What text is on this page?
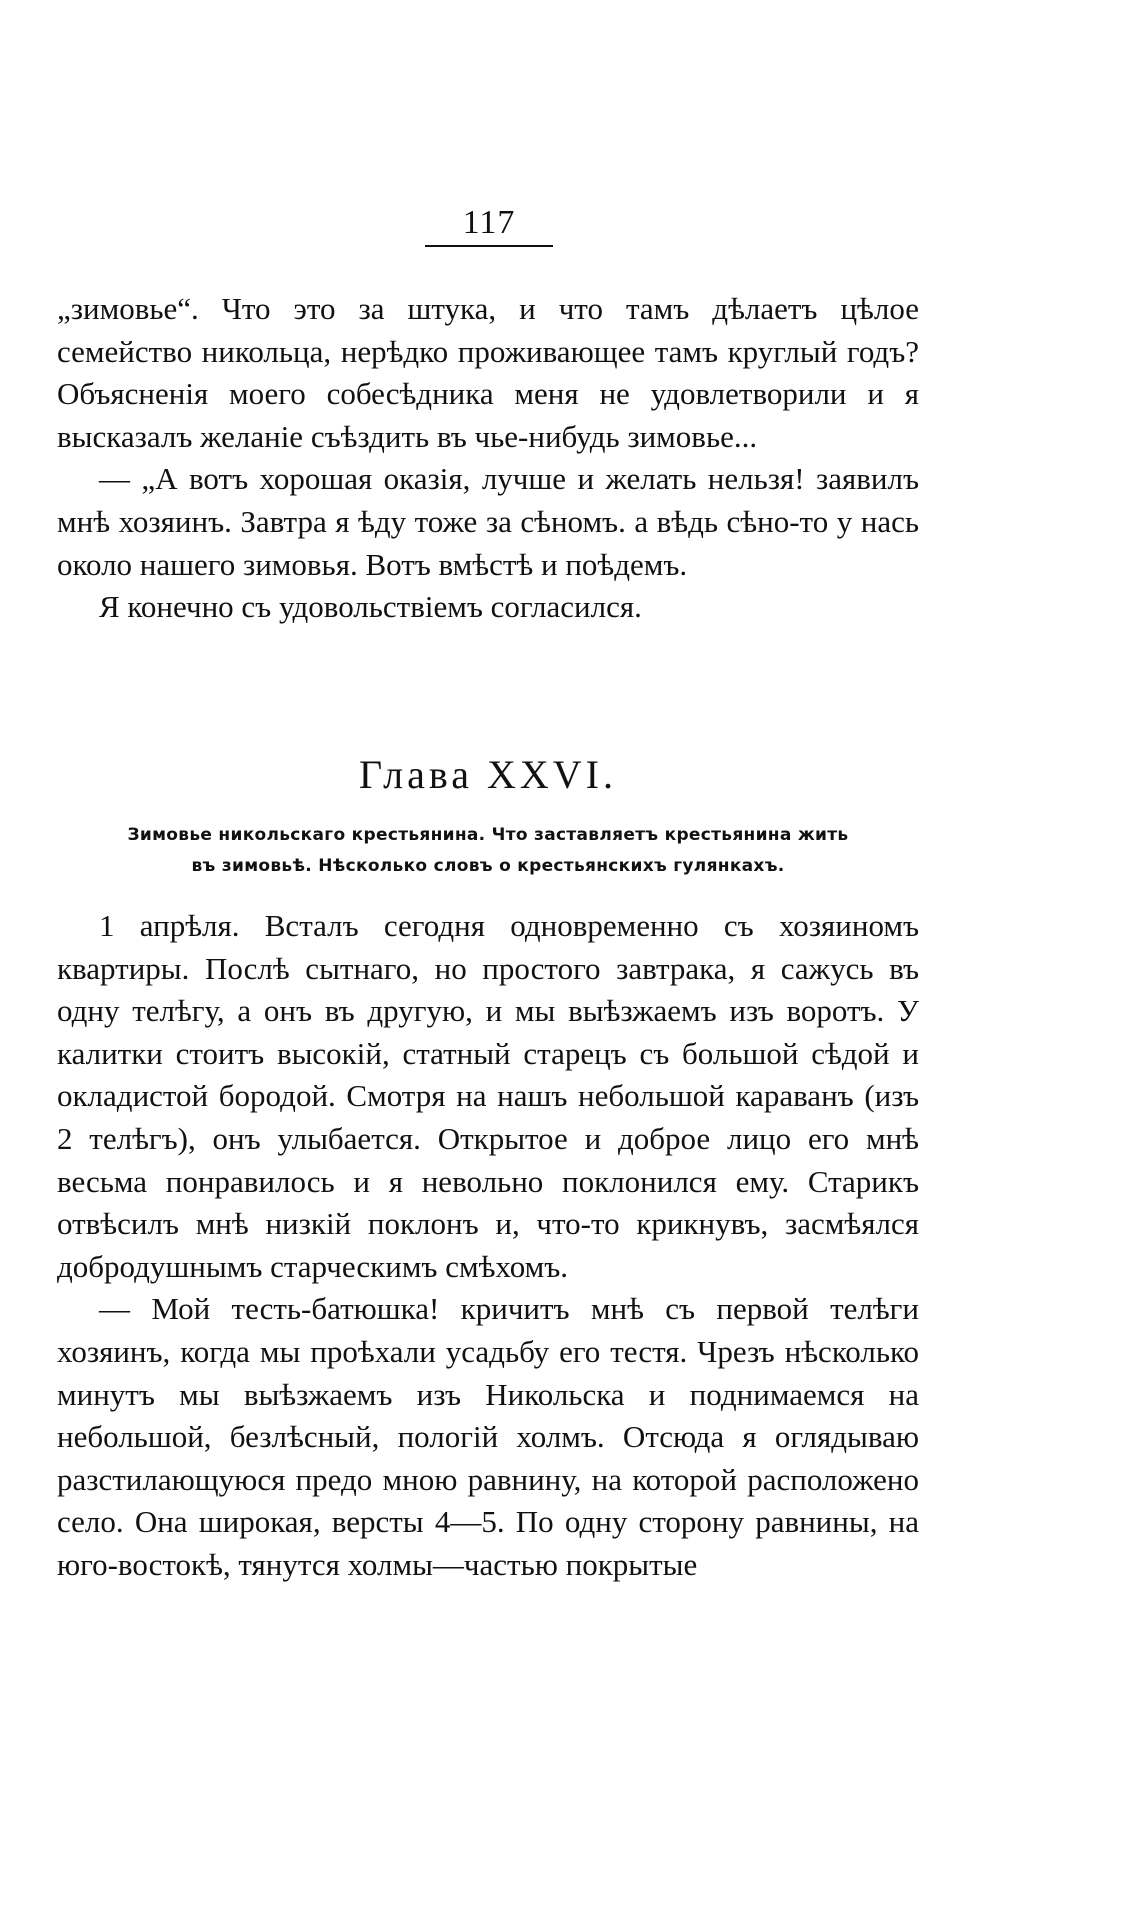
117

„зимовье“. Что это за штука, и что тамъ дѣлаетъ цѣлое семейство никольца, нерѣдко проживающее тамъ круглый годъ? Объясненія моего собесѣдника меня не удовлетворили и я высказалъ желаніе съѣздить въ чье-нибудь зимовье...

— „А вотъ хорошая оказія, лучше и желать нельзя! заявилъ мнѣ хозяинъ. Завтра я ѣду тоже за сѣномъ. а вѣдь сѣно-то у нась около нашего зимовья. Вотъ вмѣстѣ и поѣдемъ.

Я конечно съ удовольствіемъ согласился.

Глава XXVI.
Зимовье никольскаго крестьянина. Что заставляетъ крестьянина жить
въ зимовьѣ. Нѣсколько словъ о крестьянскихъ гулянкахъ.

1 апрѣля. Всталъ сегодня одновременно съ хозяиномъ квартиры. Послѣ сытнаго, но простого завтрака, я сажусь въ одну телѣгу, а онъ въ другую, и мы выѣзжаемъ изъ воротъ. У калитки стоитъ высокій, статный старецъ съ большой сѣдой и окладистой бородой. Смотря на нашъ небольшой караванъ (изъ 2 телѣгъ), онъ улыбается. Открытое и доброе лицо его мнѣ весьма понравилось и я невольно поклонился ему. Старикъ отвѣсилъ мнѣ низкій поклонъ и, что-то крикнувъ, засмѣялся добродушнымъ старческимъ смѣхомъ.

— Мой тесть-батюшка! кричитъ мнѣ съ первой телѣги хозяинъ, когда мы проѣхали усадьбу его тестя. Чрезъ нѣсколько минутъ мы выѣзжаемъ изъ Никольска и поднимаемся на небольшой, безлѣсный, пологій холмъ. Отсюда я оглядываю разстилающуюся предо мною равнину, на которой расположено село. Она широкая, версты 4—5. По одну сторону равнины, на юго-востокѣ, тянутся холмы—частью покрытые
